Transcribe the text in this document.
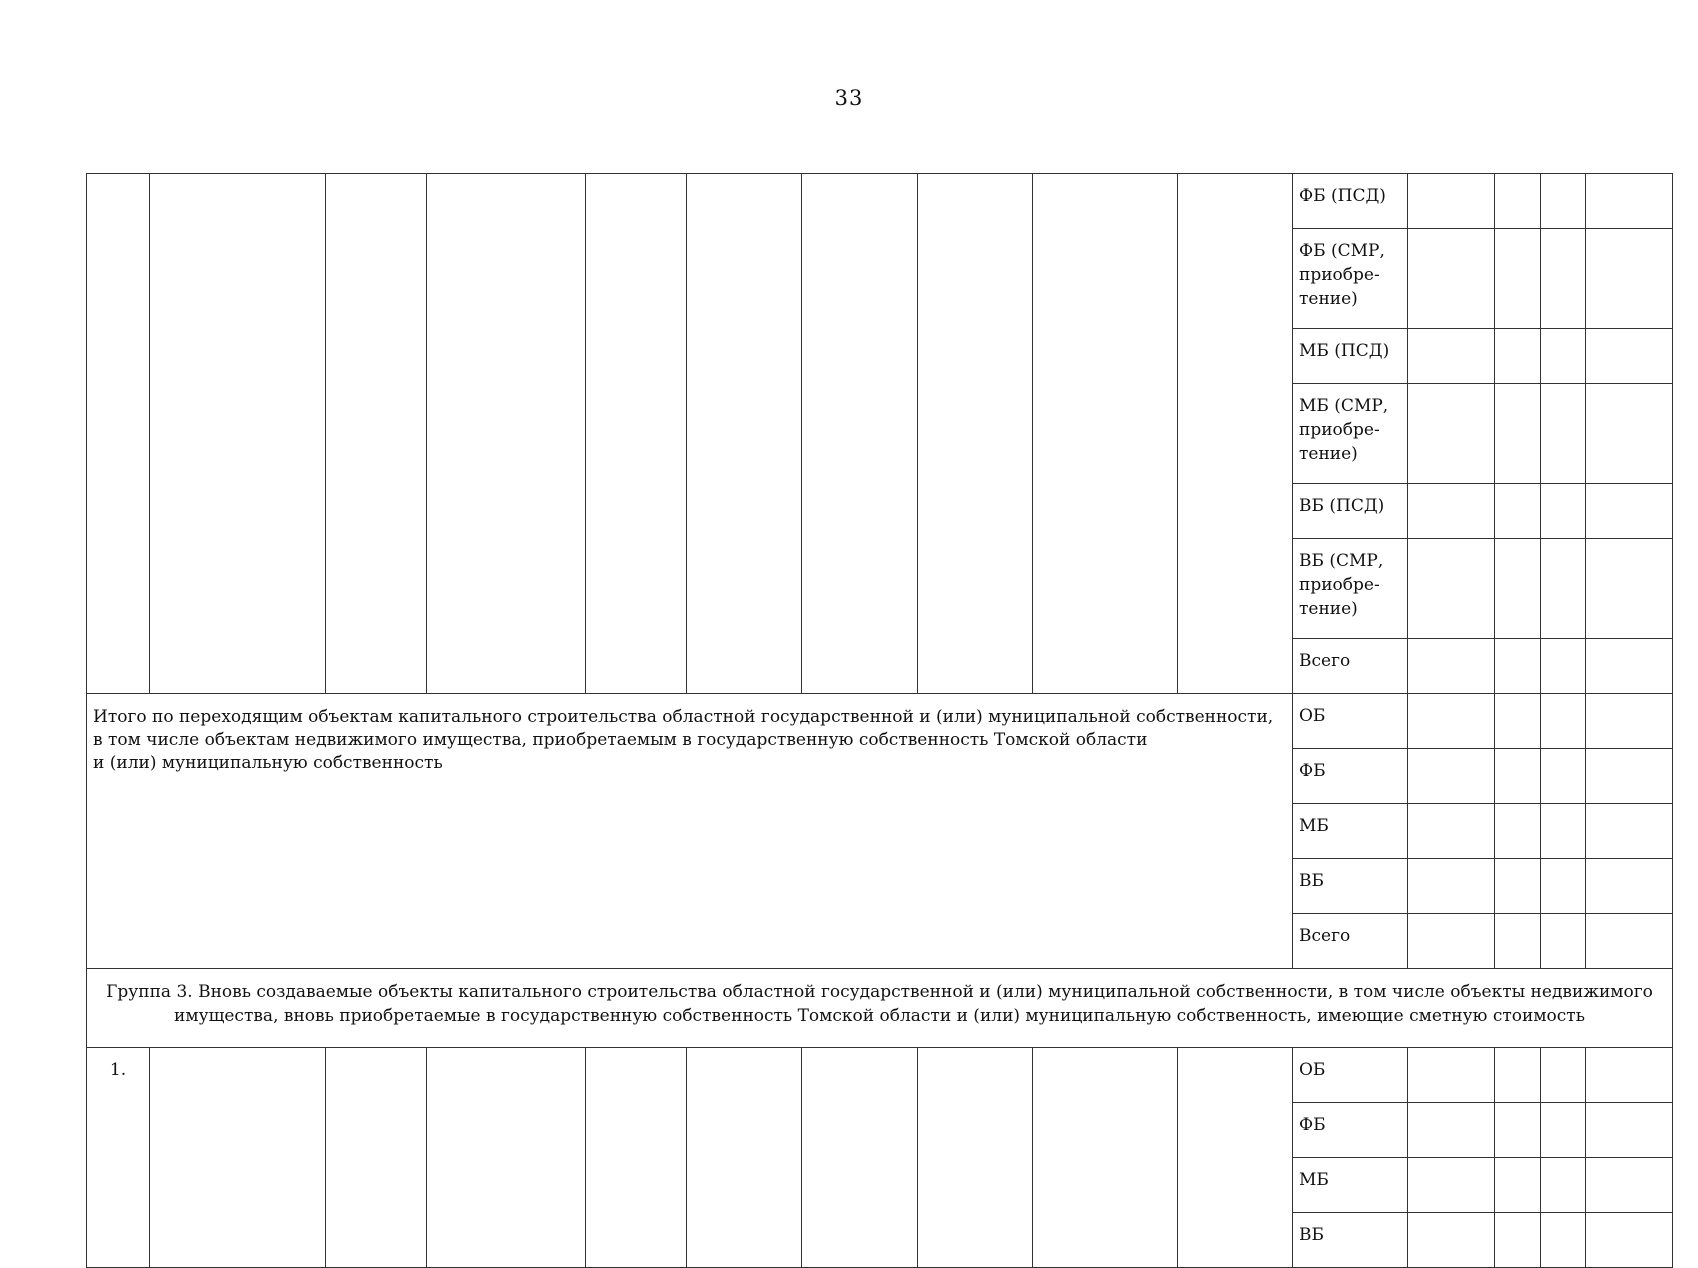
33
										ФБ (ПСД)				
										ФБ (СМР,
приобре-
тение)				
										МБ (ПСД)				
										МБ (СМР,
приобре-
тение)				
										ВБ (ПСД)				
										ВБ (СМР,
приобре-
тение)				
										Всего				
Итого по переходящим объектам капитального строительства областной государственной и (или) муниципальной собственности,
в том числе объектам недвижимого имущества, приобретаемым в государственную собственность Томской области
и (или) муниципальную собственность										ОБ				
										ФБ				
										МБ				
										ВБ				
										Всего				
Группа 3. Вновь создаваемые объекты капитального строительства областной государственной и (или) муниципальной собственности, в том числе объекты недвижимого имущества, вновь приобретаемые в государственную собственность Томской области и (или) муниципальную собственность, имеющие сметную стоимость														
1.										ОБ				
										ФБ				
										МБ				
										ВБ				
